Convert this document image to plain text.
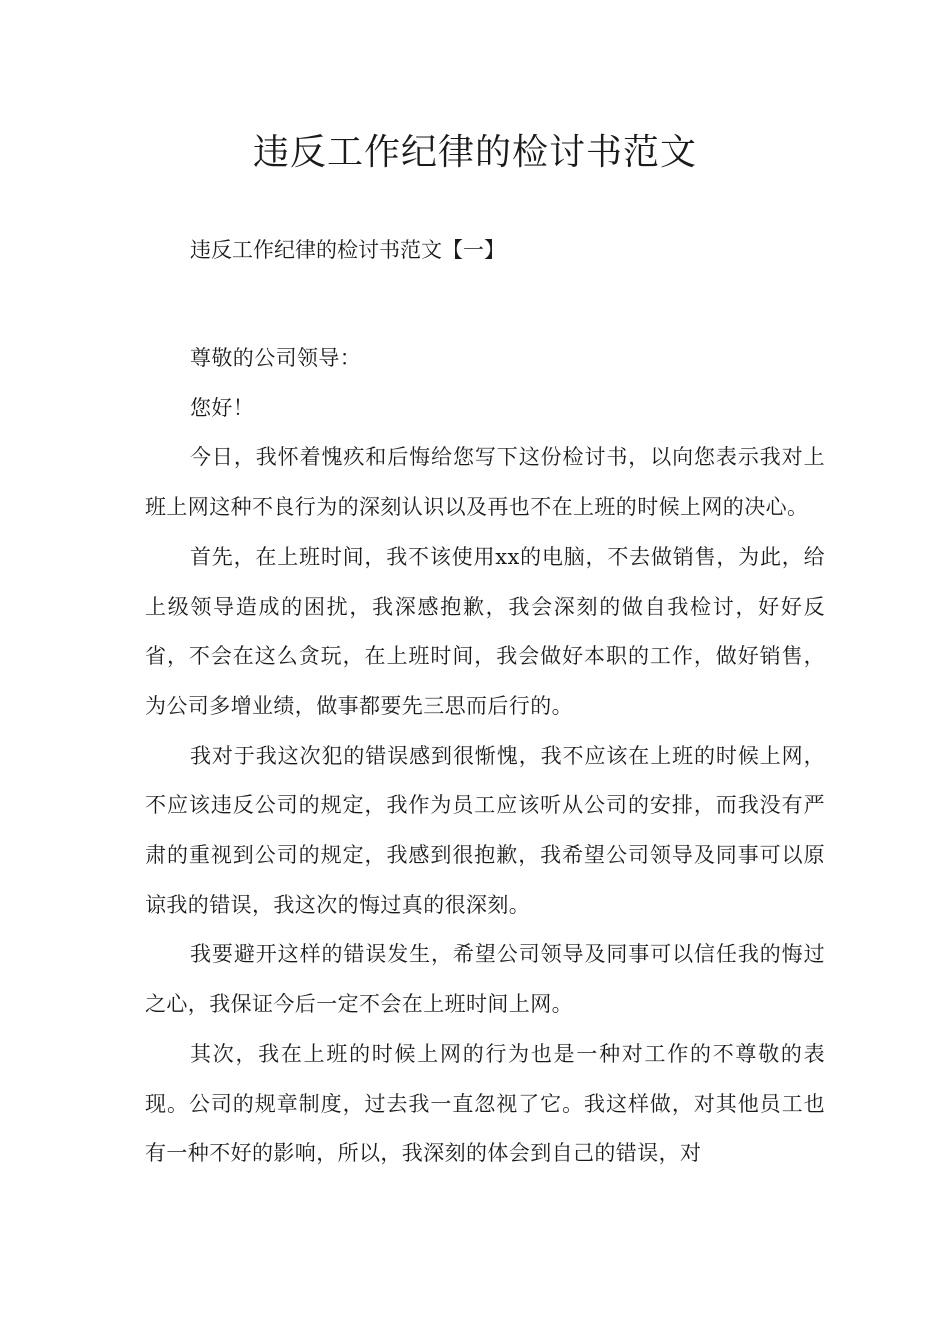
违反工作纪律的检讨书范文

违反工作纪律的检讨书范文【一】

尊敬的公司领导：

您好！

今日，我怀着愧疚和后悔给您写下这份检讨书，以向您表示我对上班上网这种不良行为的深刻认识以及再也不在上班的时候上网的决心。

首先，在上班时间，我不该使用xx的电脑，不去做销售，为此，给上级领导造成的困扰，我深感抱歉，我会深刻的做自我检讨，好好反省，不会在这么贪玩，在上班时间，我会做好本职的工作，做好销售，为公司多增业绩，做事都要先三思而后行的。

我对于我这次犯的错误感到很惭愧，我不应该在上班的时候上网，不应该违反公司的规定，我作为员工应该听从公司的安排，而我没有严肃的重视到公司的规定，我感到很抱歉，我希望公司领导及同事可以原谅我的错误，我这次的悔过真的很深刻。

我要避开这样的错误发生，希望公司领导及同事可以信任我的悔过之心，我保证今后一定不会在上班时间上网。

其次，我在上班的时候上网的行为也是一种对工作的不尊敬的表现。公司的规章制度，过去我一直忽视了它。我这样做，对其他员工也有一种不好的影响，所以，我深刻的体会到自己的错误，对
